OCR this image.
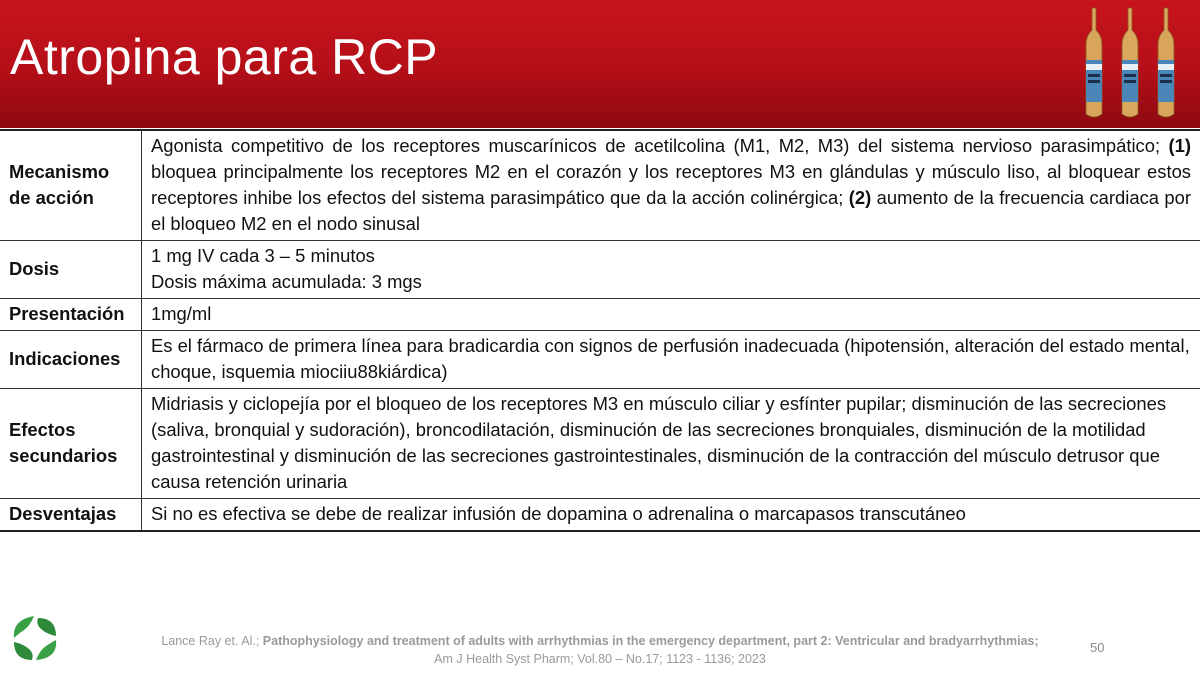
Atropina para RCP
Mecanismo de acción	Agonista competitivo de los receptores muscarínicos de acetilcolina (M1, M2, M3) del sistema nervioso parasimpático; (1) bloquea principalmente los receptores M2 en el corazón y los receptores M3 en glándulas y músculo liso, al bloquear estos receptores inhibe los efectos del sistema parasimpático que da la acción colinérgica; (2) aumento de la frecuencia cardiaca por el bloqueo M2 en el nodo sinusal
Dosis	1 mg IV cada 3 – 5 minutos
Dosis máxima acumulada: 3 mgs

Presentación	1mg/ml
Indicaciones	Es el fármaco de primera línea para bradicardia con signos de perfusión inadecuada (hipotensión, alteración del estado mental, choque, isquemia miociiu88kiárdica)
Efectos secundarios	Midriasis y ciclopejía por el bloqueo de los receptores M3 en músculo ciliar y esfínter pupilar; disminución de las secreciones (saliva, bronquial y sudoración), broncodilatación, disminución de las secreciones bronquiales, disminución de la motilidad gastrointestinal y disminución de las secreciones gastrointestinales, disminución de la contracción del músculo detrusor que causa retención urinaria
Desventajas	Si no es efectiva se debe de realizar infusión de dopamina o adrenalina o marcapasos transcutáneo
Lance Ray et. Al.; Pathophysiology and treatment of adults with arrhythmias in the emergency department, part 2: Ventricular and bradyarrhythmias;
Am J Health Syst Pharm; Vol.80 – No.17; 1123 - 1136; 2023
50
